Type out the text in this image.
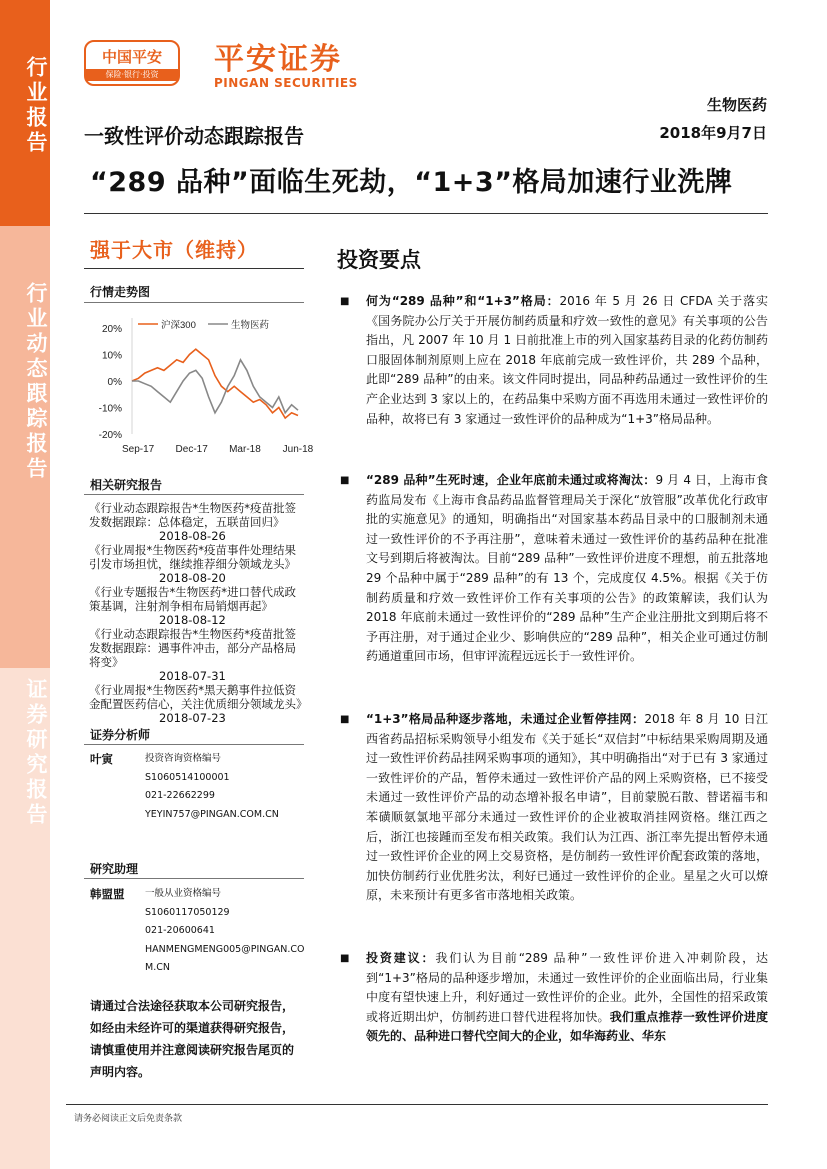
行业报告
行业动态跟踪报告
证券研究报告
中国平安
保险·银行·投资	平安证券
PINGAN SECURITIES
生物医药
一致性评价动态跟踪报告	2018年9月7日
“289 品种”面临生死劫，“1+3”格局加速行业洗牌
强于大市（维持）	投资要点
行情走势图
20%
10%
0%
-10%
-20%
Sep-17 Dec-17 Mar-18 Jun-18
沪深300	生物医药
相关研究报告
《行业动态跟踪报告*生物医药*疫苗批签发数据跟踪：总体稳定，五联苗回归》
2018-08-26
《行业周报*生物医药*疫苗事件处理结果引发市场担忧，继续推荐细分领域龙头》
2018-08-20
《行业专题报告*生物医药*进口替代成政策基调，注射剂争相布局销烟再起》
2018-08-12
《行业动态跟踪报告*生物医药*疫苗批签发数据跟踪：遇事件冲击，部分产品格局将变》
2018-07-31
《行业周报*生物医药*黑天鹅事件拉低资金配置医药信心，关注优质细分领域龙头》
2018-07-23
证券分析师
叶寅	投资咨询资格编号
S1060514100001
021-22662299
YEYIN757@PINGAN.COM.CN
研究助理
韩盟盟 一般从业资格编号
S1060117050129
021-20600641
HANMENGMENG005@PINGAN.COM.CN
请通过合法途径获取本公司研究报告，如经由未经许可的渠道获得研究报告，请慎重使用并注意阅读研究报告尾页的声明内容。
■ 何为“289 品种”和“1+3”格局：2016 年 5 月 26 日 CFDA 关于落实《国务院办公厅关于开展仿制药质量和疗效一致性的意见》有关事项的公告指出，凡 2007 年 10 月 1 日前批准上市的列入国家基药目录的化药仿制药口服固体制剂原则上应在 2018 年底前完成一致性评价，共 289 个品种，此即“289 品种”的由来。该文件同时提出，同品种药品通过一致性评价的生产企业达到 3 家以上的，在药品集中采购方面不再选用未通过一致性评价的品种，故将已有 3 家通过一致性评价的品种成为“1+3”格局品种。
■ “289 品种”生死时速，企业年底前未通过或将淘汰：9 月 4 日，上海市食药监局发布《上海市食品药品监督管理局关于深化“放管服”改革优化行政审批的实施意见》的通知，明确指出“对国家基本药品目录中的口服制剂未通过一致性评价的不予再注册”，意味着未通过一致性评价的基药品种在批准文号到期后将被淘汰。目前“289 品种”一致性评价进度不理想，前五批落地 29 个品种中属于“289 品种”的有 13 个，完成度仅 4.5%。根据《关于仿制药质量和疗效一致性评价工作有关事项的公告》的政策解读，我们认为 2018 年底前未通过一致性评价的“289 品种”生产企业注册批文到期后将不予再注册，对于通过企业少、影响供应的“289 品种”，相关企业可通过仿制药通道重回市场，但审评流程远远长于一致性评价。
■ “1+3”格局品种逐步落地，未通过企业暂停挂网：2018 年 8 月 10 日江西省药品招标采购领导小组发布《关于延长“双信封”中标结果采购周期及通过一致性评价药品挂网采购事项的通知》，其中明确指出“对于已有 3 家通过一致性评价的产品，暂停未通过一致性评价产品的网上采购资格，已不接受未通过一致性评价产品的动态增补报名申请”，目前蒙脱石散、替诺福韦和苯磺顺氨氯地平部分未通过一致性评价的企业被取消挂网资格。继江西之后，浙江也接踵而至发布相关政策。我们认为江西、浙江率先提出暂停未通过一致性评价企业的网上交易资格，是仿制药一致性评价配套政策的落地，加快仿制药行业优胜劣汰，利好已通过一致性评价的企业。星星之火可以燎原，未来预计有更多省市落地相关政策。
■ 投资建议：我们认为目前“289 品种”一致性评价进入冲刺阶段，达到“1+3”格局的品种逐步增加，未通过一致性评价的企业面临出局，行业集中度有望快速上升，利好通过一致性评价的企业。此外，全国性的招采政策或将近期出炉，仿制药进口替代进程将加快。我们重点推荐一致性评价进度领先的、品种进口替代空间大的企业，如华海药业、华东
请务必阅读正文后免责条款
